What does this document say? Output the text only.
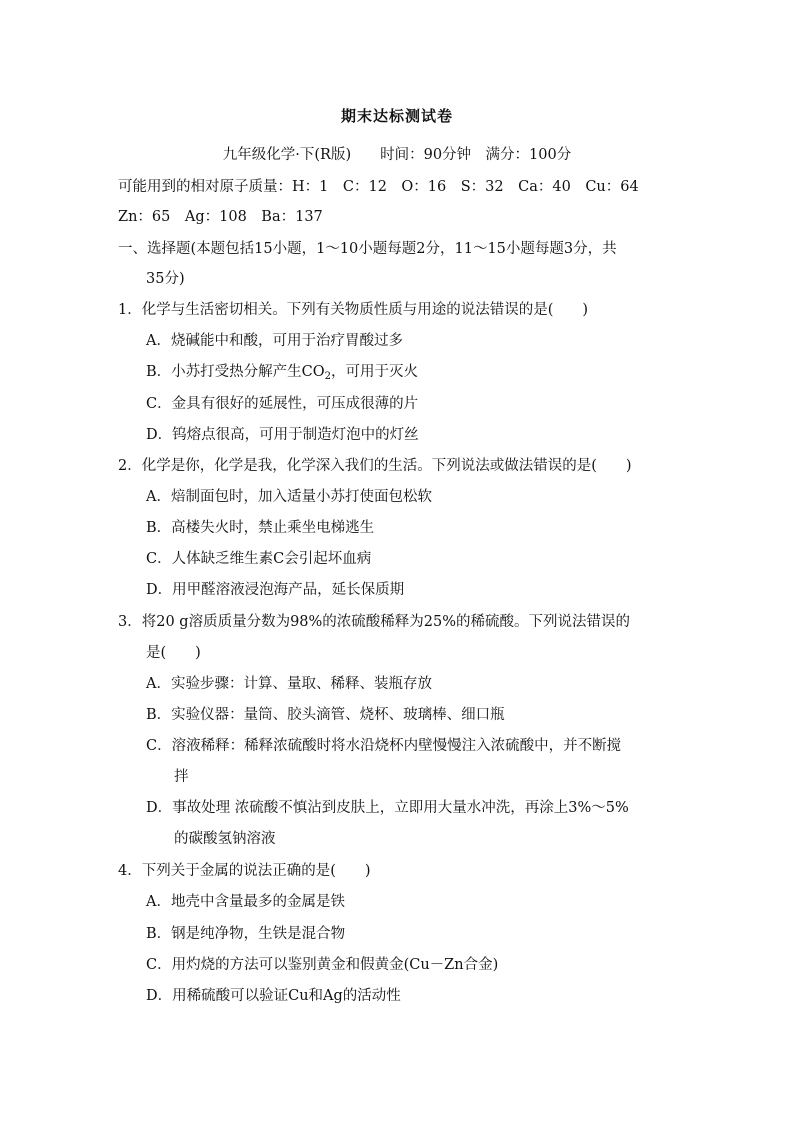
期末达标测试卷
九年级化学·下(R版)　　时间：90分钟　满分：100分
可能用到的相对原子质量：H：1　C：12　O：16　S：32　Ca：40　Cu：64
Zn：65　Ag：108　Ba：137
一、选择题(本题包括15小题，1～10小题每题2分，11～15小题每题3分，共
35分)
1．化学与生活密切相关。下列有关物质性质与用途的说法错误的是(　　)
A．烧碱能中和酸，可用于治疗胃酸过多
B．小苏打受热分解产生$CO_2$，可用于灭火
C．金具有很好的延展性，可压成很薄的片
D．钨熔点很高，可用于制造灯泡中的灯丝
2．化学是你，化学是我，化学深入我们的生活。下列说法或做法错误的是(　　)
A．焙制面包时，加入适量小苏打使面包松软
B．高楼失火时，禁止乘坐电梯逃生
C．人体缺乏维生素C会引起坏血病
D．用甲醛溶液浸泡海产品，延长保质期
3．将20 g溶质质量分数为98%的浓硫酸稀释为25%的稀硫酸。下列说法错误的
是(　　)
A．实验步骤：计算、量取、稀释、装瓶存放
B．实验仪器：量筒、胶头滴管、烧杯、玻璃棒、细口瓶
C．溶液稀释：稀释浓硫酸时将水沿烧杯内壁慢慢注入浓硫酸中，并不断搅
拌
D．事故处理 浓硫酸不慎沾到皮肤上，立即用大量水冲洗，再涂上3%～5%
的碳酸氢钠溶液
4．下列关于金属的说法正确的是(　　)
A．地壳中含量最多的金属是铁
B．钢是纯净物，生铁是混合物
C．用灼烧的方法可以鉴别黄金和假黄金(Cu－Zn合金)
D．用稀硫酸可以验证Cu和Ag的活动性
